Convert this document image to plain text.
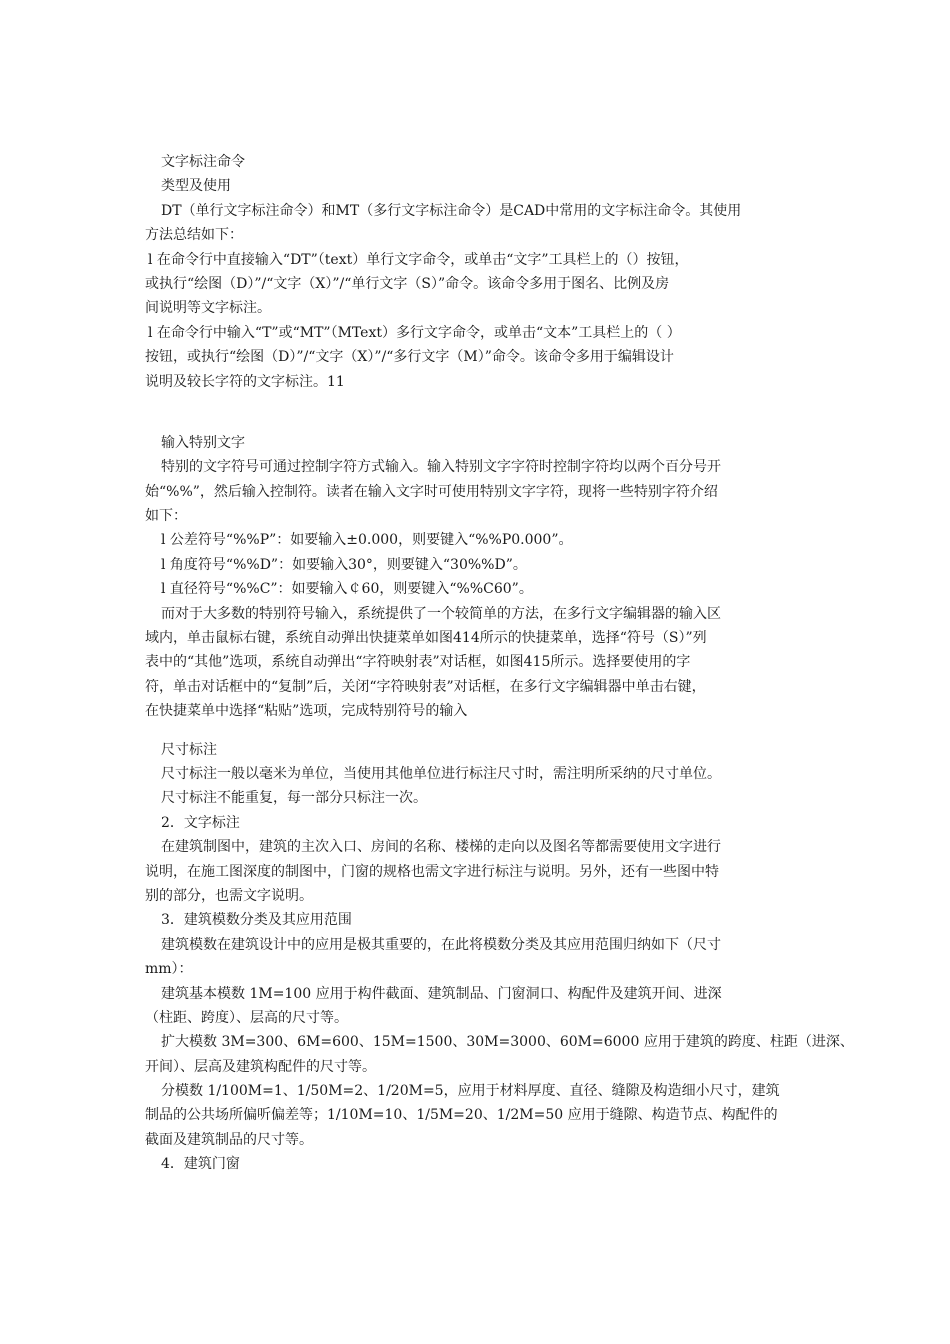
文字标注命令
类型及使用
DT（单行文字标注命令）和MT（多行文字标注命令）是CAD中常用的文字标注命令。其使用
方法总结如下：
l 在命令行中直接输入“DT”（text）单行文字命令，或单击“文字”工具栏上的（）按钮，
或执行“绘图（D）”/“文字（X）”/“单行文字（S）”命令。该命令多用于图名、比例及房
间说明等文字标注。
l 在命令行中输入“T”或“MT”（MText）多行文字命令，或单击“文本”工具栏上的（ ）
按钮，或执行“绘图（D）”/“文字（X）”/“多行文字（M）”命令。该命令多用于编辑设计
说明及较长字符的文字标注。11
输入特别文字
特别的文字符号可通过控制字符方式输入。输入特别文字字符时控制字符均以两个百分号开
始“%%”，然后输入控制符。读者在输入文字时可使用特别文字字符，现将一些特别字符介绍
如下：
l 公差符号“%%P”：如要输入±0.000，则要键入“%%P0.000”。
l 角度符号“%%D”：如要输入30°，则要键入“30%%D”。
l 直径符号“%%C”：如要输入￠60，则要键入“%%C60”。
而对于大多数的特别符号输入，系统提供了一个较简单的方法，在多行文字编辑器的输入区
域内，单击鼠标右键，系统自动弹出快捷菜单如图414所示的快捷菜单，选择“符号（S）”列
表中的“其他”选项，系统自动弹出“字符映射表”对话框，如图415所示。选择要使用的字
符，单击对话框中的“复制”后，关闭“字符映射表”对话框，在多行文字编辑器中单击右键，
在快捷菜单中选择“粘贴”选项，完成特别符号的输入
尺寸标注
尺寸标注一般以毫米为单位，当使用其他单位进行标注尺寸时，需注明所采纳的尺寸单位。
尺寸标注不能重复，每一部分只标注一次。
2．文字标注
在建筑制图中，建筑的主次入口、房间的名称、楼梯的走向以及图名等都需要使用文字进行
说明，在施工图深度的制图中，门窗的规格也需文字进行标注与说明。另外，还有一些图中特
别的部分，也需文字说明。
3．建筑模数分类及其应用范围
建筑模数在建筑设计中的应用是极其重要的，在此将模数分类及其应用范围归纳如下（尺寸
mm）：
建筑基本模数 1M=100 应用于构件截面、建筑制品、门窗洞口、构配件及建筑开间、进深
（柱距、跨度）、层高的尺寸等。
扩大模数 3M=300、6M=600、15M=1500、30M=3000、60M=6000 应用于建筑的跨度、柱距（进深、
开间）、层高及建筑构配件的尺寸等。
分模数 1/100M=1、1/50M=2、1/20M=5，应用于材料厚度、直径、缝隙及构造细小尺寸，建筑
制品的公共场所偏听偏差等；1/10M=10、1/5M=20、1/2M=50 应用于缝隙、构造节点、构配件的
截面及建筑制品的尺寸等。
4．建筑门窗
